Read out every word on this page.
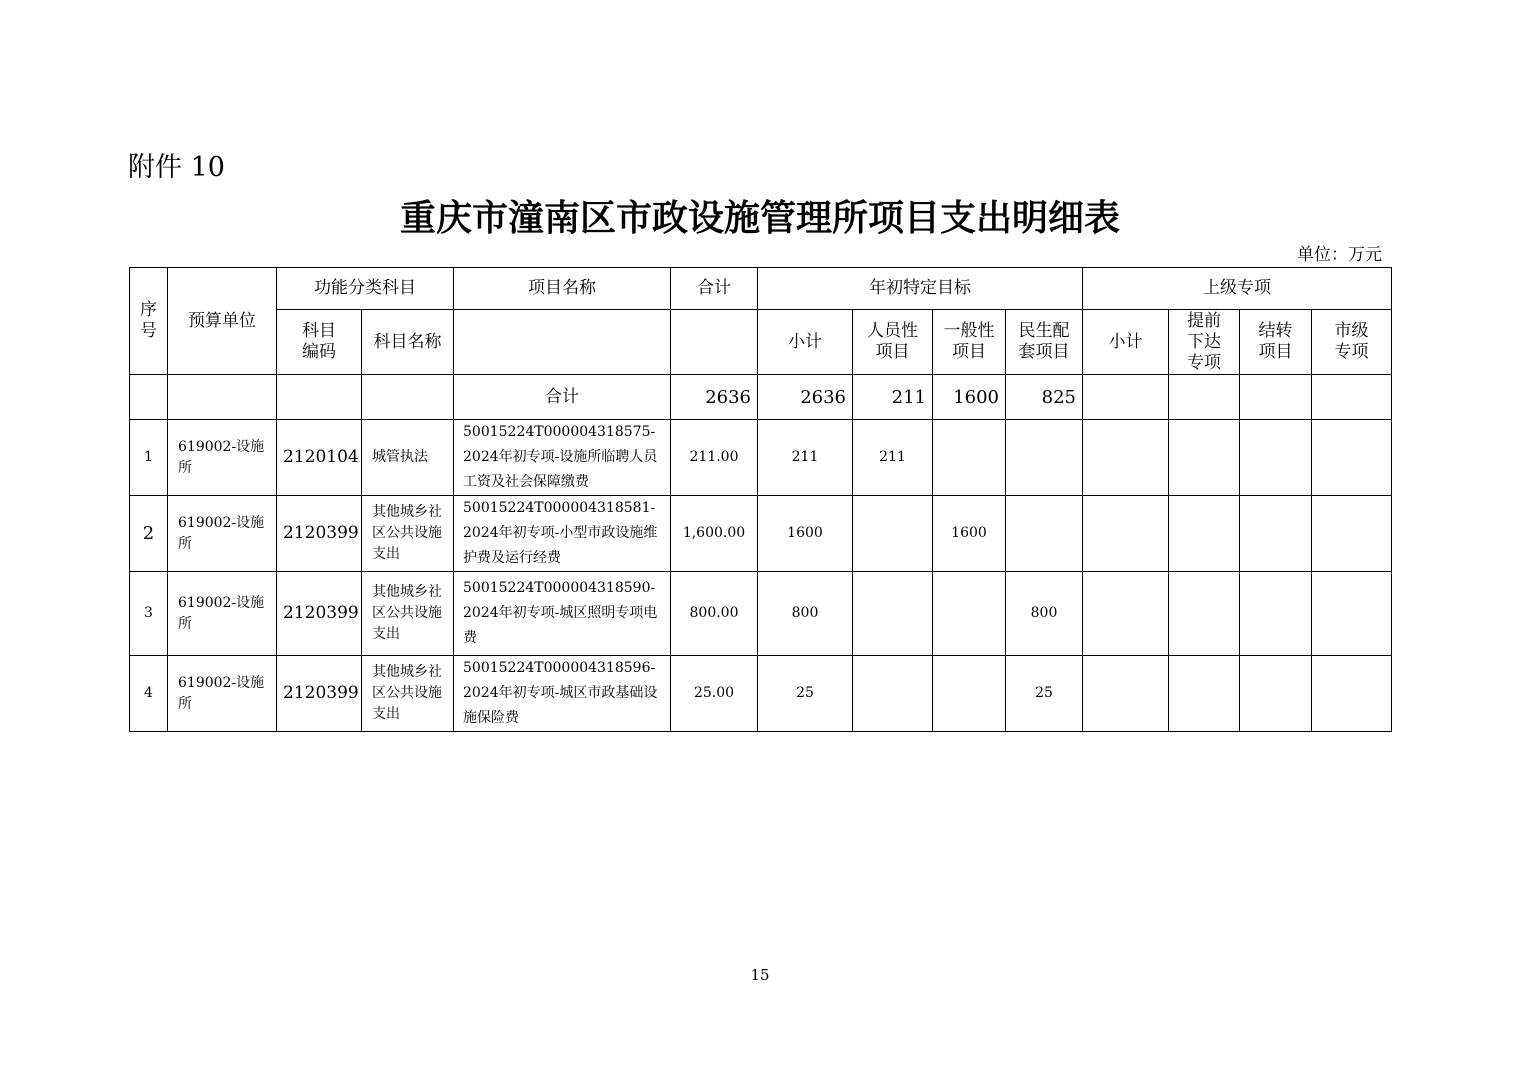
附件 10
重庆市潼南区市政设施管理所项目支出明细表
单位：万元
序号	预算单位	功能分类科目		项目名称	合计	年初特定目标				上级专项			
		科目编码	科目名称			小计	人员性项目	一般性项目	民生配套项目	小计	提前下达专项	结转项目	市级专项
				合计	2636	2636	211	1600	825				
1	619002-设施所	2120104	城管执法	50015224T000004318575-2024年初专项-设施所临聘人员工资及社会保障缴费	211.00	211	211						
2	619002-设施所	2120399	其他城乡社区公共设施支出	50015224T000004318581-2024年初专项-小型市政设施维护费及运行经费	1,600.00	1600		1600					
3	619002-设施所	2120399	其他城乡社区公共设施支出	50015224T000004318590-2024年初专项-城区照明专项电费	800.00	800			800				
4	619002-设施所	2120399	其他城乡社区公共设施支出	50015224T000004318596-2024年初专项-城区市政基础设施保险费	25.00	25			25				
15
